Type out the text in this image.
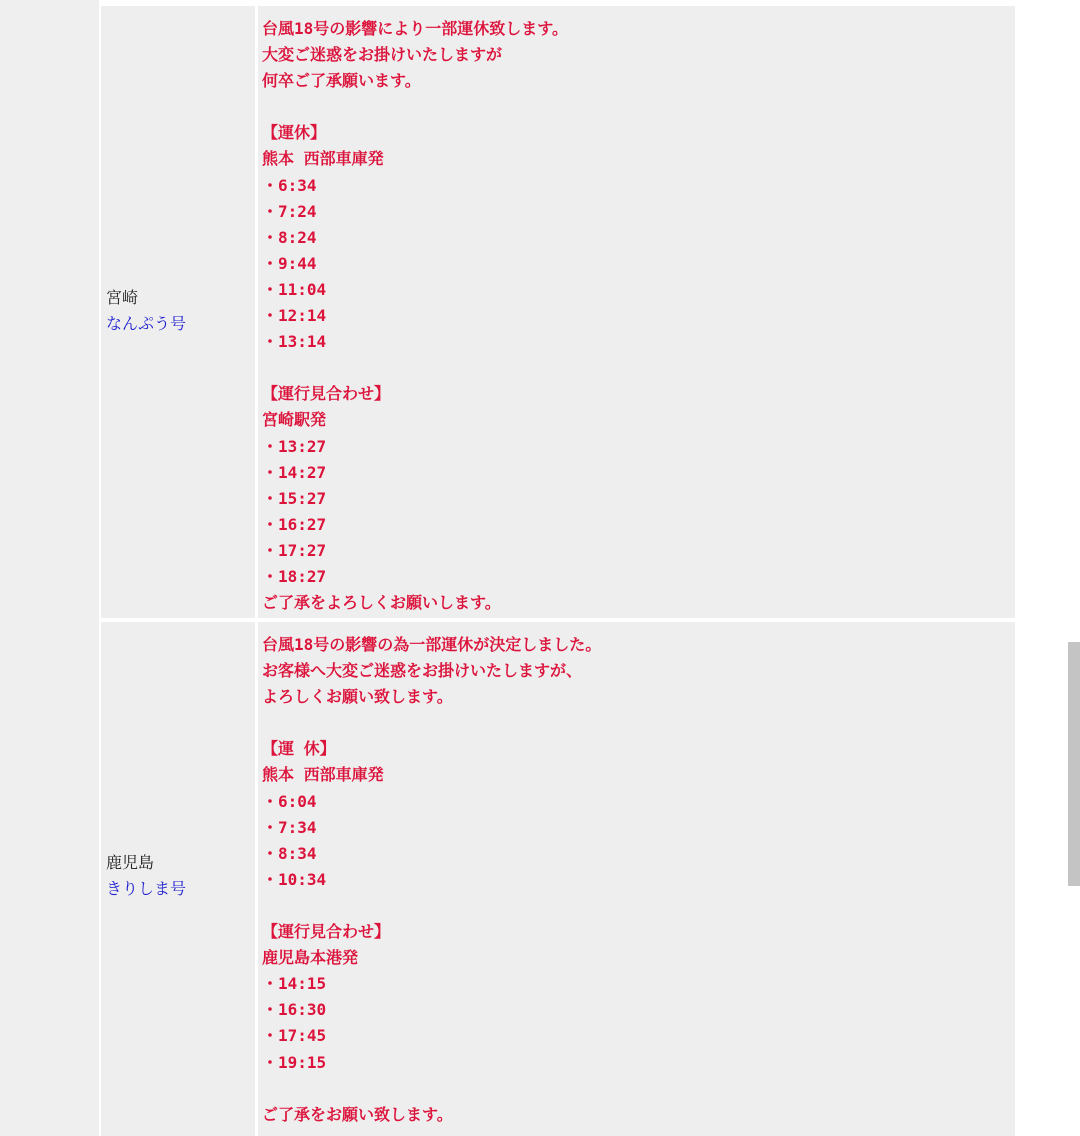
宮崎
なんぷう号
台風18号の影響により一部運休致します。
大変ご迷惑をお掛けいたしますが
何卒ご了承願います。

【運休】
熊本 西部車庫発
・6:34
・7:24
・8:24
・9:44
・11:04
・12:14
・13:14

【運行見合わせ】
宮崎駅発
・13:27
・14:27
・15:27
・16:27
・17:27
・18:27
ご了承をよろしくお願いします。
鹿児島
きりしま号
台風18号の影響の為一部運休が決定しました。
お客様へ大変ご迷惑をお掛けいたしますが、
よろしくお願い致します。

【運 休】
熊本 西部車庫発
・6:04
・7:34
・8:34
・10:34

【運行見合わせ】
鹿児島本港発
・14:15
・16:30
・17:45
・19:15

ご了承をお願い致します。
